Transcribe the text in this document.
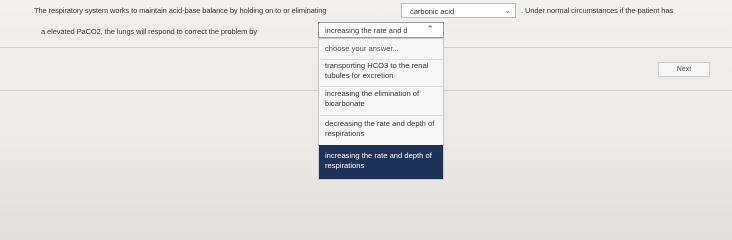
The respiratory system works to maintain acid-base balance by holding on to or eliminating	carbonic acid	⌄ . Under normal circumstances if the patient has
a elevated PaCO2, the lungs will respond to correct the problem by	increasing the rate and d ⌃
choose your answer...
transporting HCO3 to the renal tubules for excretion
increasing the elimination of bicarbonate
decreasing the rate and depth of respirations
increasing the rate and depth of respirations
Next
